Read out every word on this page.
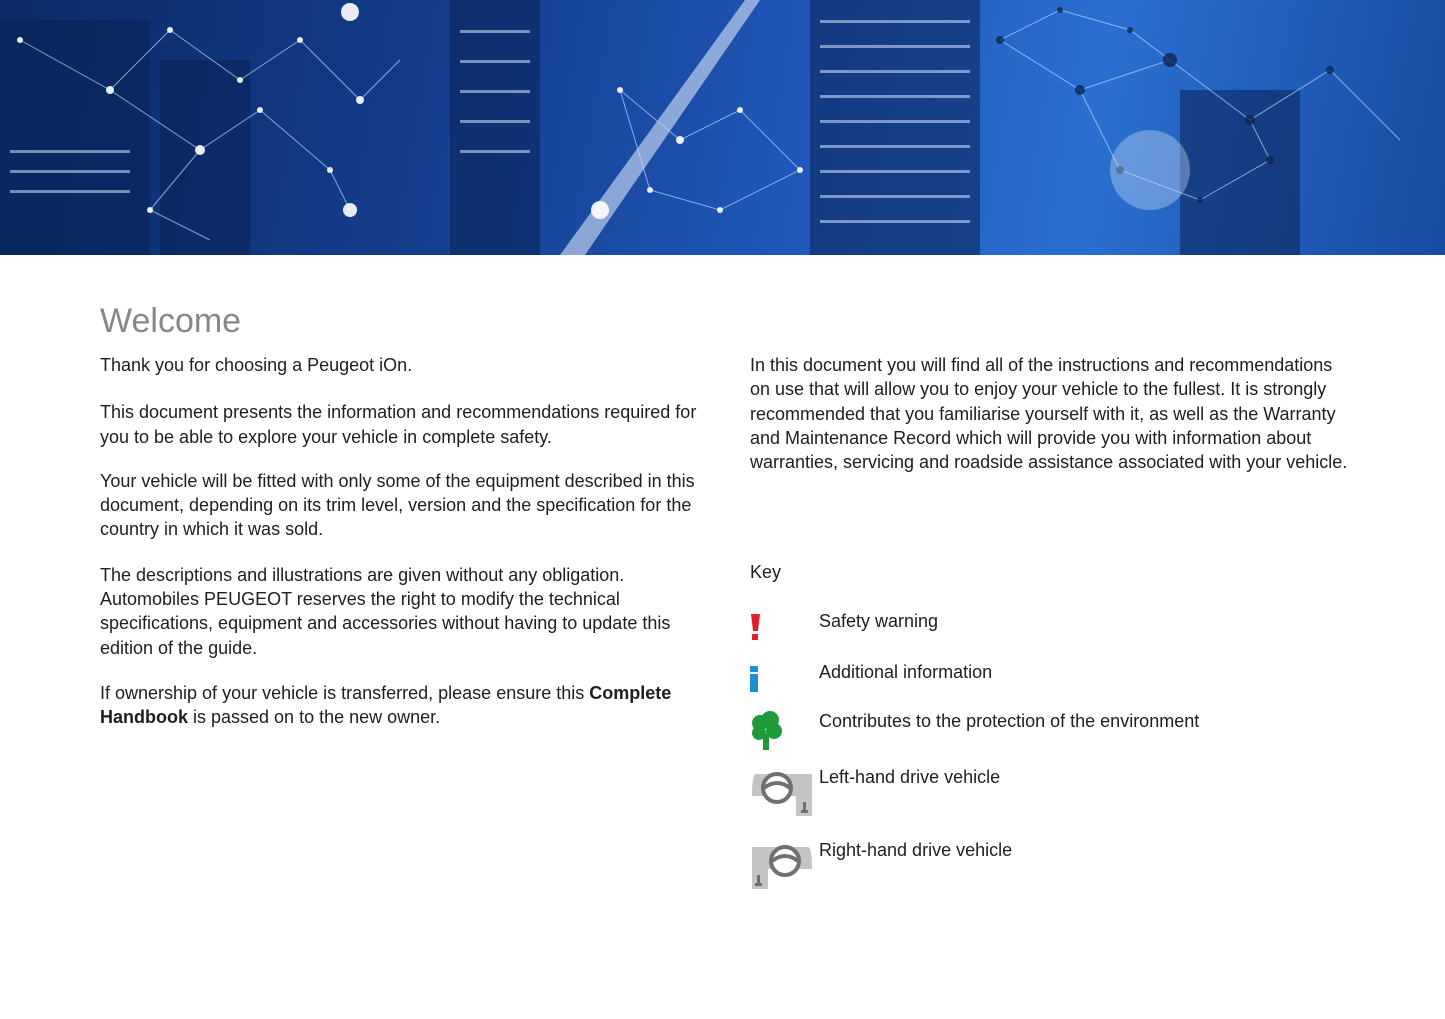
Welcome

Thank you for choosing a Peugeot iOn.

This document presents the information and recommendations required for you to be able to explore your vehicle in complete safety.

Your vehicle will be fitted with only some of the equipment described in this document, depending on its trim level, version and the specification for the country in which it was sold.

The descriptions and illustrations are given without any obligation. Automobiles PEUGEOT reserves the right to modify the technical specifications, equipment and accessories without having to update this edition of the guide.

If ownership of your vehicle is transferred, please ensure this Complete Handbook is passed on to the new owner.

In this document you will find all of the instructions and recommendations on use that will allow you to enjoy your vehicle to the fullest. It is strongly recommended that you familiarise yourself with it, as well as the Warranty and Maintenance Record which will provide you with information about warranties, servicing and roadside assistance associated with your vehicle.

Key
Safety warning
Additional information
Contributes to the protection of the environment
Left-hand drive vehicle
Right-hand drive vehicle
